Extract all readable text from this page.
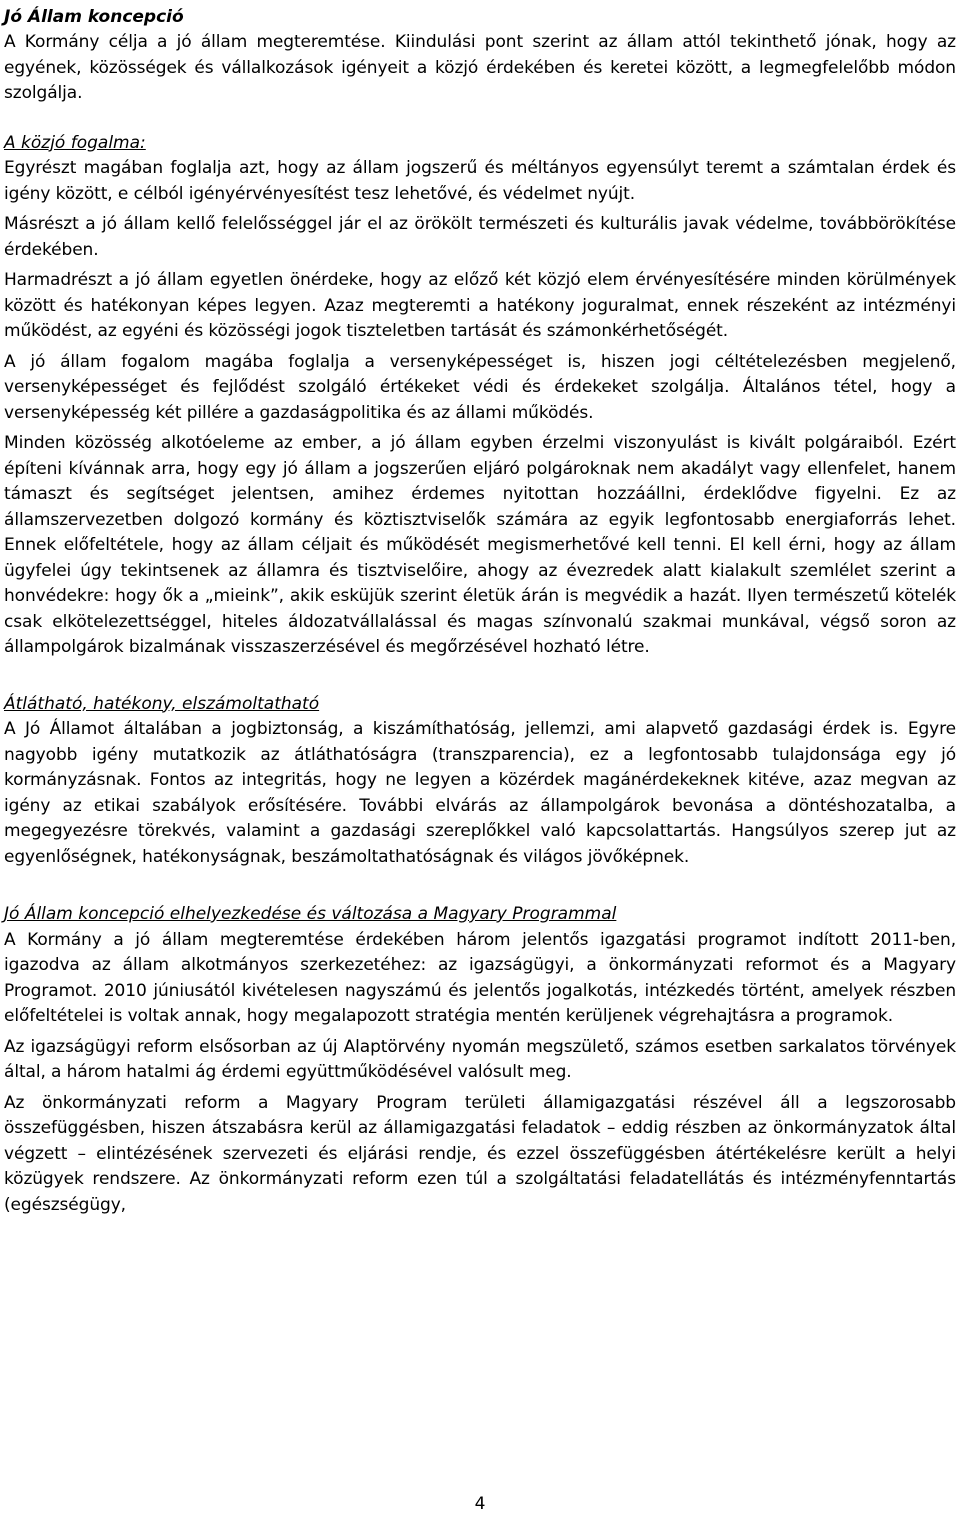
Jó Állam koncepció

A Kormány célja a jó állam megteremtése. Kiindulási pont szerint az állam attól tekinthető jónak, hogy az egyének, közösségek és vállalkozások igényeit a közjó érdekében és keretei között, a legmegfelelőbb módon szolgálja.

A közjó fogalma:

Egyrészt magában foglalja azt, hogy az állam jogszerű és méltányos egyensúlyt teremt a számtalan érdek és igény között, e célból igényérvényesítést tesz lehetővé, és védelmet nyújt.

Másrészt a jó állam kellő felelősséggel jár el az örökölt természeti és kulturális javak védelme, továbbörökítése érdekében.

Harmadrészt a jó állam egyetlen önérdeke, hogy az előző két közjó elem érvényesítésére minden körülmények között és hatékonyan képes legyen. Azaz megteremti a hatékony joguralmat, ennek részeként az intézményi működést, az egyéni és közösségi jogok tiszteletben tartását és számonkérhetőségét.

A jó állam fogalom magába foglalja a versenyképességet is, hiszen jogi céltételezésben megjelenő, versenyképességet és fejlődést szolgáló értékeket védi és érdekeket szolgálja. Általános tétel, hogy a versenyképesség két pillére a gazdaságpolitika és az állami működés.

Minden közösség alkotóeleme az ember, a jó állam egyben érzelmi viszonyulást is kivált polgáraiból. Ezért építeni kívánnak arra, hogy egy jó állam a jogszerűen eljáró polgároknak nem akadályt vagy ellenfelet, hanem támaszt és segítséget jelentsen, amihez érdemes nyitottan hozzáállni, érdeklődve figyelni. Ez az államszervezetben dolgozó kormány és köztisztviselők számára az egyik legfontosabb energiaforrás lehet. Ennek előfeltétele, hogy az állam céljait és működését megismerhetővé kell tenni. El kell érni, hogy az állam ügyfelei úgy tekintsenek az államra és tisztviselőire, ahogy az évezredek alatt kialakult szemlélet szerint a honvédekre: hogy ők a „mieink”, akik esküjük szerint életük árán is megvédik a hazát. Ilyen természetű kötelék csak elkötelezettséggel, hiteles áldozatvállalással és magas színvonalú szakmai munkával, végső soron az állampolgárok bizalmának visszaszerzésével és megőrzésével hozható létre.

Átlátható, hatékony, elszámoltatható

A Jó Államot általában a jogbiztonság, a kiszámíthatóság, jellemzi, ami alapvető gazdasági érdek is. Egyre nagyobb igény mutatkozik az átláthatóságra (transzparencia), ez a legfontosabb tulajdonsága egy jó kormányzásnak. Fontos az integritás, hogy ne legyen a közérdek magánérdekeknek kitéve, azaz megvan az igény az etikai szabályok erősítésére. További elvárás az állampolgárok bevonása a döntéshozatalba, a megegyezésre törekvés, valamint a gazdasági szereplőkkel való kapcsolattartás. Hangsúlyos szerep jut az egyenlőségnek, hatékonyságnak, beszámoltathatóságnak és világos jövőképnek.

Jó Állam koncepció elhelyezkedése és változása a Magyary Programmal

A Kormány a jó állam megteremtése érdekében három jelentős igazgatási programot indított 2011-ben, igazodva az állam alkotmányos szerkezetéhez: az igazságügyi, a önkormányzati reformot és a Magyary Programot. 2010 júniusától kivételesen nagyszámú és jelentős jogalkotás, intézkedés történt, amelyek részben előfeltételei is voltak annak, hogy megalapozott stratégia mentén kerüljenek végrehajtásra a programok.

Az igazságügyi reform elsősorban az új Alaptörvény nyomán megszülető, számos esetben sarkalatos törvények által, a három hatalmi ág érdemi együttműködésével valósult meg.

Az önkormányzati reform a Magyary Program területi államigazgatási részével áll a legszorosabb összefüggésben, hiszen átszabásra kerül az államigazgatási feladatok – eddig részben az önkormányzatok által végzett – elintézésének szervezeti és eljárási rendje, és ezzel összefüggésben átértékelésre került a helyi közügyek rendszere. Az önkormányzati reform ezen túl a szolgáltatási feladatellátás és intézményfenntartás (egészségügy,

4
